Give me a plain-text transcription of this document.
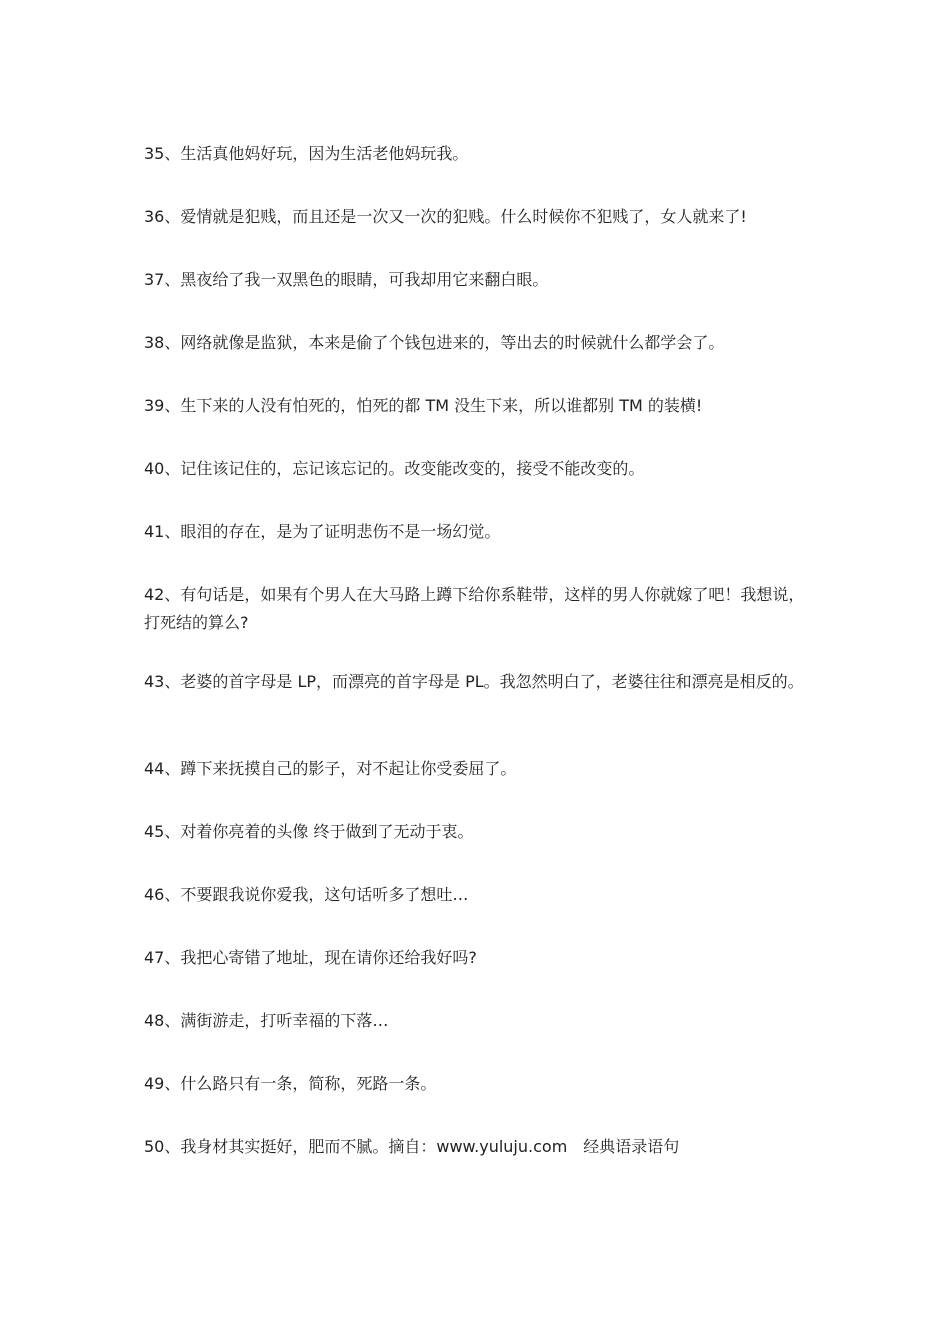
35、生活真他妈好玩，因为生活老他妈玩我。

36、爱情就是犯贱，而且还是一次又一次的犯贱。什么时候你不犯贱了，女人就来了!

37、黑夜给了我一双黑色的眼睛，可我却用它来翻白眼。

38、网络就像是监狱，本来是偷了个钱包进来的，等出去的时候就什么都学会了。

39、生下来的人没有怕死的，怕死的都 TM 没生下来，所以谁都别 TM 的装横!

40、记住该记住的，忘记该忘记的。改变能改变的，接受不能改变的。

41、眼泪的存在，是为了证明悲伤不是一场幻觉。

42、有句话是，如果有个男人在大马路上蹲下给你系鞋带，这样的男人你就嫁了吧！我想说，打死结的算么?

43、老婆的首字母是 LP，而漂亮的首字母是 PL。我忽然明白了，老婆往往和漂亮是相反的。

44、蹲下来抚摸自己的影子，对不起让你受委屈了。

45、对着你亮着的头像 终于做到了无动于衷。

46、不要跟我说你爱我，这句话听多了想吐…

47、我把心寄错了地址，现在请你还给我好吗?

48、满街游走，打听幸福的下落…

49、什么路只有一条，简称，死路一条。

50、我身材其实挺好，肥而不腻。摘自：www.yuluju.com　经典语录语句
